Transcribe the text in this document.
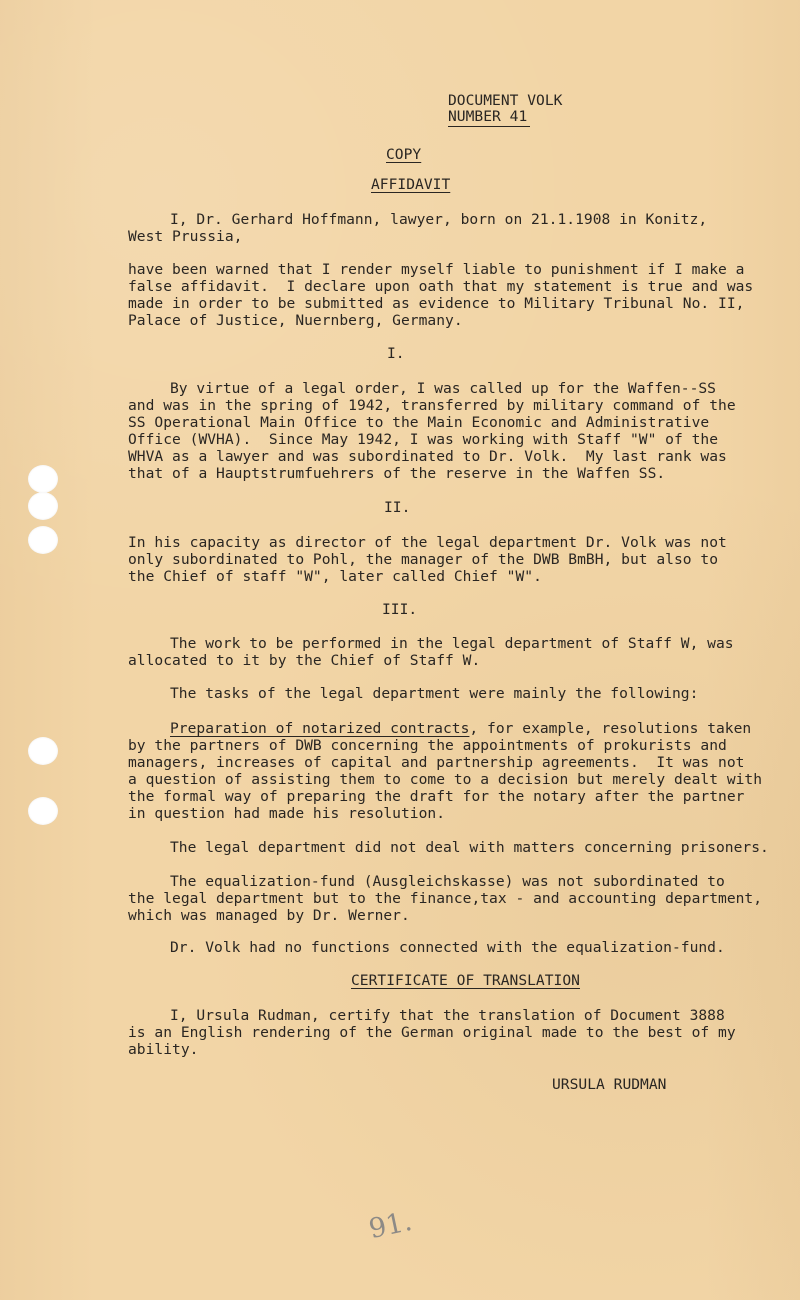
DOCUMENT VOLK
NUMBER 41
COPY
AFFIDAVIT
I, Dr. Gerhard Hoffmann, lawyer, born on 21.1.1908 in Konitz,
West Prussia,
have been warned that I render myself liable to punishment if I make a
false affidavit.  I declare upon oath that my statement is true and was
made in order to be submitted as evidence to Military Tribunal No. II,
Palace of Justice, Nuernberg, Germany.
I.
By virtue of a legal order, I was called up for the Waffen--SS
and was in the spring of 1942, transferred by military command of the
SS Operational Main Office to the Main Economic and Administrative
Office (WVHA).  Since May 1942, I was working with Staff "W" of the
WHVA as a lawyer and was subordinated to Dr. Volk.  My last rank was
that of a Hauptstrumfuehrers of the reserve in the Waffen SS.
II.
In his capacity as director of the legal department Dr. Volk was not
only subordinated to Pohl, the manager of the DWB BmBH, but also to
the Chief of staff "W", later called Chief "W".
III.
The work to be performed in the legal department of Staff W, was
allocated to it by the Chief of Staff W.
The tasks of the legal department were mainly the following:
Preparation of notarized contracts, for example, resolutions taken
by the partners of DWB concerning the appointments of prokurists and
managers, increases of capital and partnership agreements.  It was not
a question of assisting them to come to a decision but merely dealt with
the formal way of preparing the draft for the notary after the partner
in question had made his resolution.
The legal department did not deal with matters concerning prisoners.
The equalization-fund (Ausgleichskasse) was not subordinated to
the legal department but to the finance,tax - and accounting department,
which was managed by Dr. Werner.
Dr. Volk had no functions connected with the equalization-fund.
CERTIFICATE OF TRANSLATION
I, Ursula Rudman, certify that the translation of Document 3888
is an English rendering of the German original made to the best of my
ability.
URSULA RUDMAN
91.
